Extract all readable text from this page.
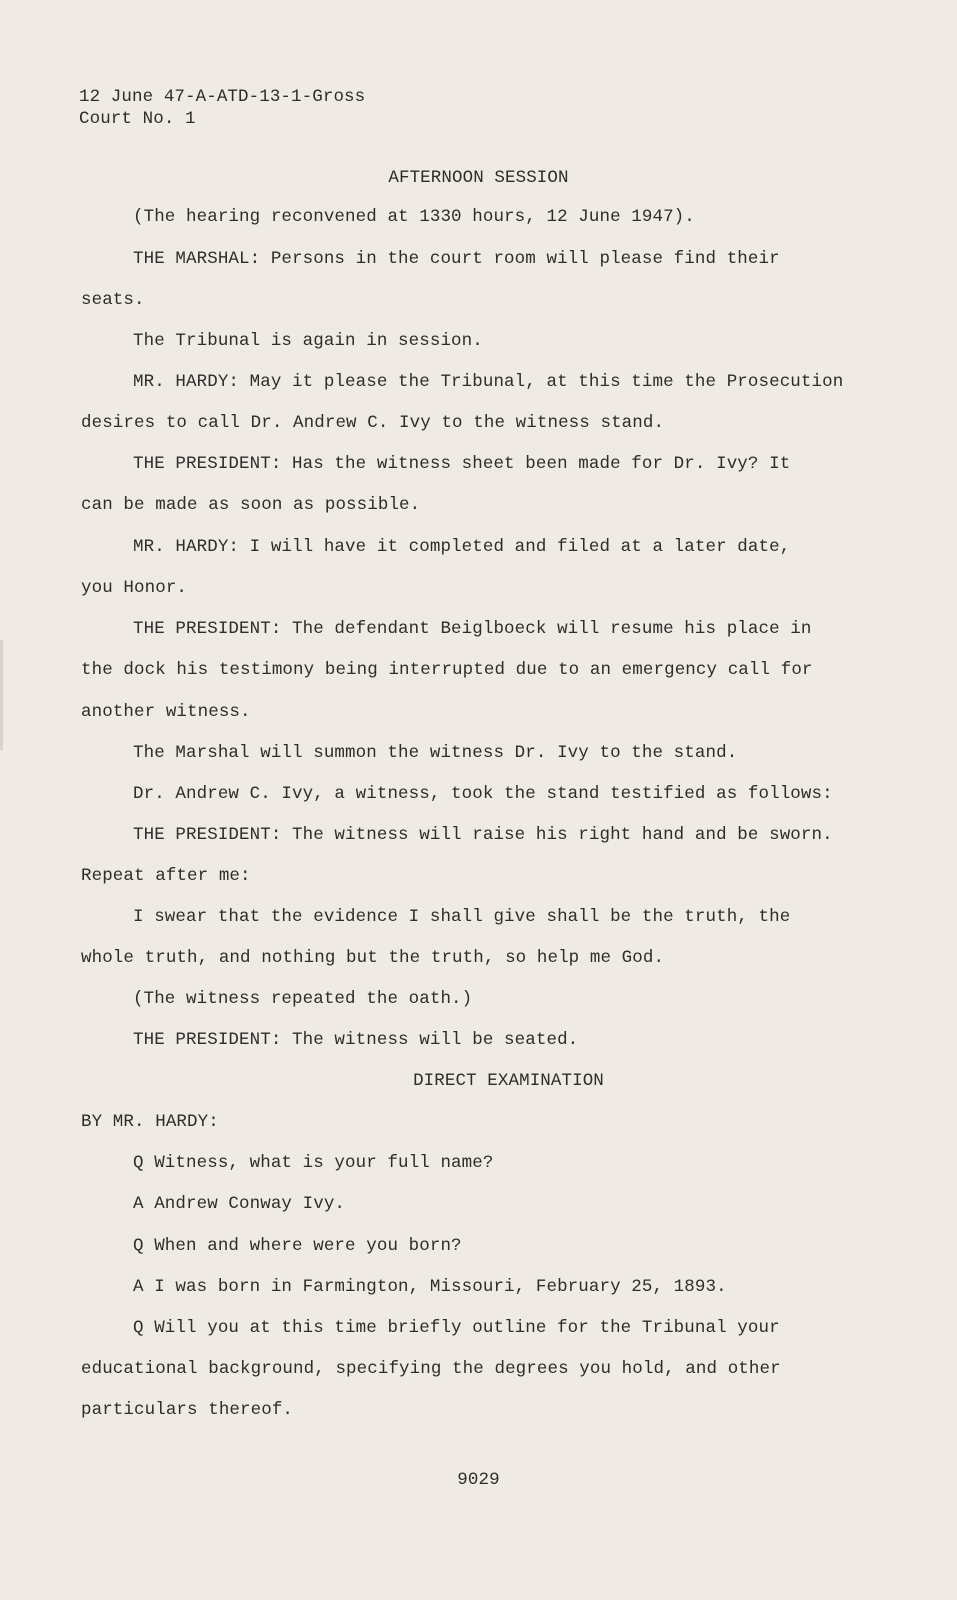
12 June 47-A-ATD-13-1-Gross
Court No. 1
AFTERNOON SESSION
(The hearing reconvened at 1330 hours, 12 June 1947).
THE MARSHAL: Persons in the court room will please find their
seats.
The Tribunal is again in session.
MR. HARDY: May it please the Tribunal, at this time the Prosecution
desires to call Dr. Andrew C. Ivy to the witness stand.
THE PRESIDENT: Has the witness sheet been made for Dr. Ivy? It
can be made as soon as possible.
MR. HARDY: I will have it completed and filed at a later date,
you Honor.
THE PRESIDENT: The defendant Beiglboeck will resume his place in
the dock his testimony being interrupted due to an emergency call for
another witness.
The Marshal will summon the witness Dr. Ivy to the stand.
Dr. Andrew C. Ivy, a witness, took the stand testified as follows:
THE PRESIDENT: The witness will raise his right hand and be sworn.
Repeat after me:
I swear that the evidence I shall give shall be the truth, the
whole truth, and nothing but the truth, so help me God.
(The witness repeated the oath.)
THE PRESIDENT: The witness will be seated.
DIRECT EXAMINATION
BY MR. HARDY:
Q Witness, what is your full name?
A Andrew Conway Ivy.
Q When and where were you born?
A I was born in Farmington, Missouri, February 25, 1893.
Q Will you at this time briefly outline for the Tribunal your
educational background, specifying the degrees you hold, and other
particulars thereof.
9029
